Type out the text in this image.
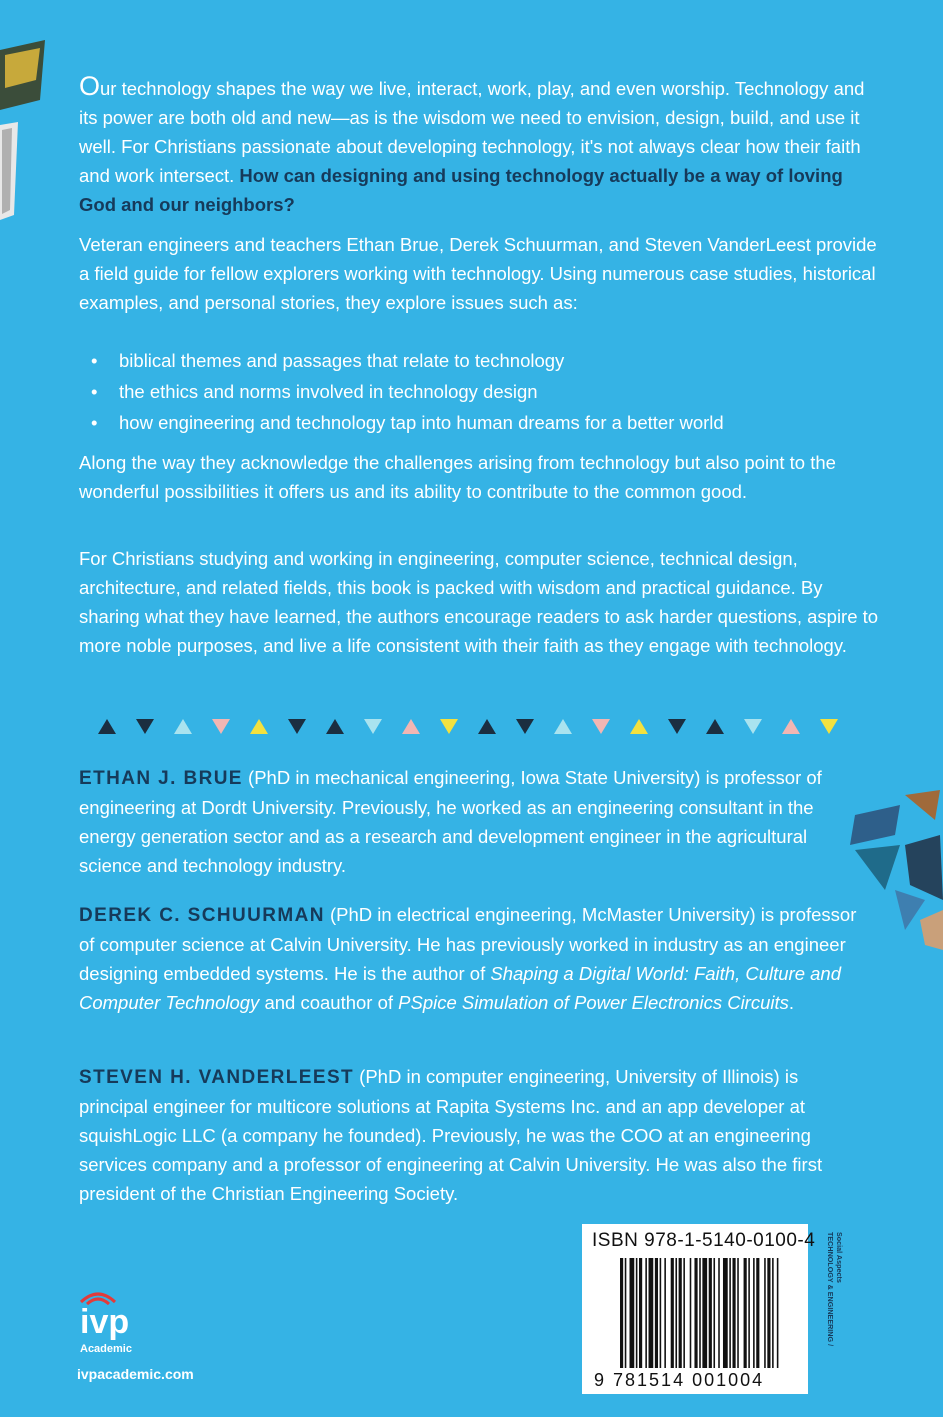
Our technology shapes the way we live, interact, work, play, and even worship. Technology and its power are both old and new—as is the wisdom we need to envision, design, build, and use it well. For Christians passionate about developing technology, it's not always clear how their faith and work intersect. How can designing and using technology actually be a way of loving God and our neighbors?

Veteran engineers and teachers Ethan Brue, Derek Schuurman, and Steven VanderLeest provide a field guide for fellow explorers working with technology. Using numerous case studies, historical examples, and personal stories, they explore issues such as:

• biblical themes and passages that relate to technology
• the ethics and norms involved in technology design
• how engineering and technology tap into human dreams for a better world

Along the way they acknowledge the challenges arising from technology but also point to the wonderful possibilities it offers us and its ability to contribute to the common good.

For Christians studying and working in engineering, computer science, technical design, architecture, and related fields, this book is packed with wisdom and practical guidance. By sharing what they have learned, the authors encourage readers to ask harder questions, aspire to more noble purposes, and live a life consistent with their faith as they engage with technology.

ETHAN J. BRUE (PhD in mechanical engineering, Iowa State University) is professor of engineering at Dordt University. Previously, he worked as an engineering consultant in the energy generation sector and as a research and development engineer in the agricultural science and technology industry.

DEREK C. SCHUURMAN (PhD in electrical engineering, McMaster University) is professor of computer science at Calvin University. He has previously worked in industry as an engineer designing embedded systems. He is the author of Shaping a Digital World: Faith, Culture and Computer Technology and coauthor of PSpice Simulation of Power Electronics Circuits.

STEVEN H. VANDERLEEST (PhD in computer engineering, University of Illinois) is principal engineer for multicore solutions at Rapita Systems Inc. and an app developer at squishLogic LLC (a company he founded). Previously, he was the COO at an engineering services company and a professor of engineering at Calvin University. He was also the first president of the Christian Engineering Society.

ISBN 978-1-5140-0100-4
9 781514 001004
TECHNOLOGY & ENGINEERING / Social Aspects
ivp
Academic
ivpacademic.com
